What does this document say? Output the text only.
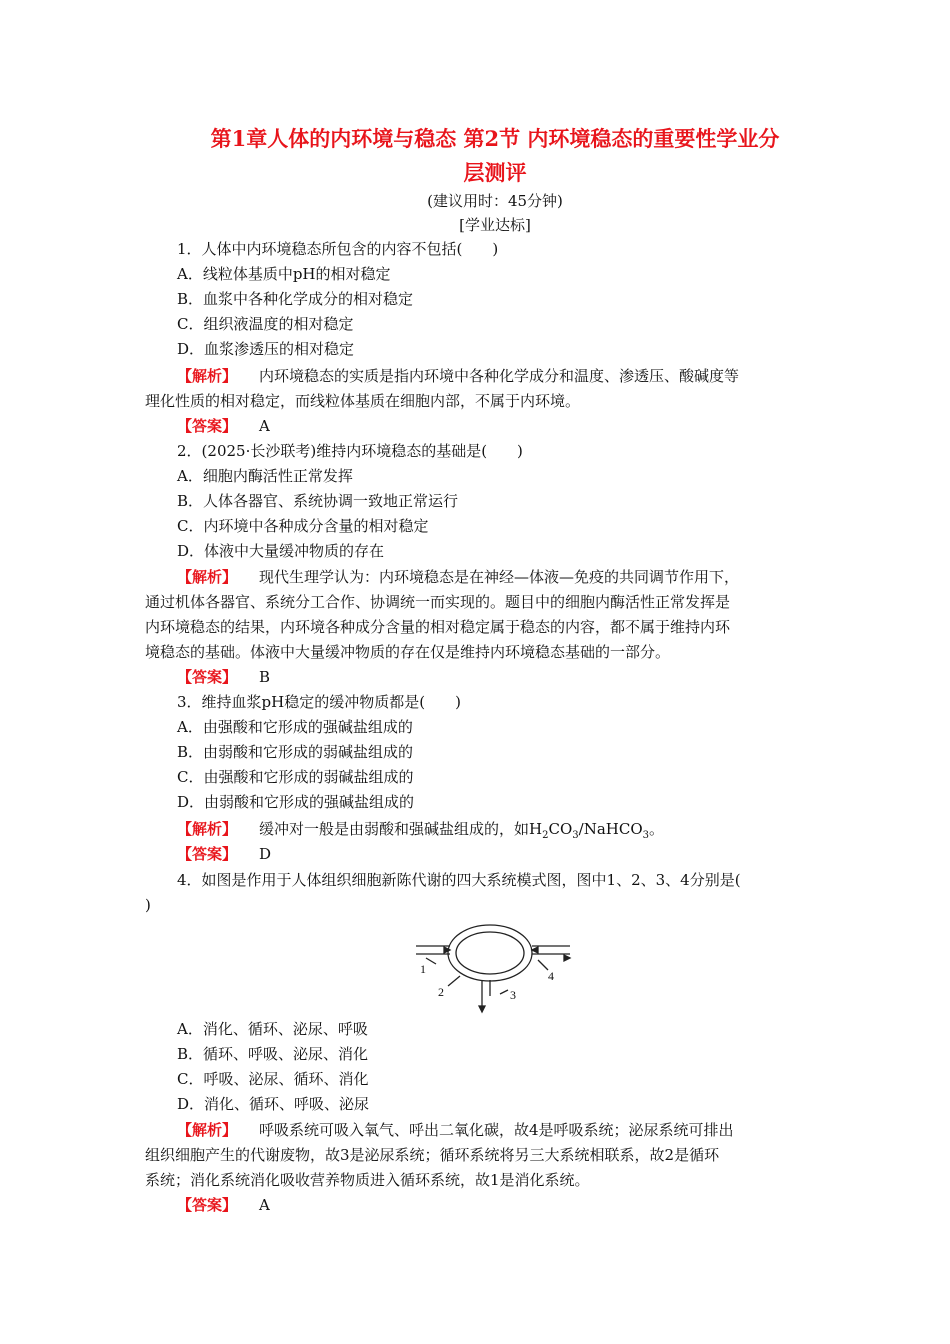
第1章人体的内环境与稳态 第2节 内环境稳态的重要性学业分
层测评
(建议用时：45分钟)
[学业达标]
1．人体中内环境稳态所包含的内容不包括(　　)
A．线粒体基质中pH的相对稳定
B．血浆中各种化学成分的相对稳定
C．组织液温度的相对稳定
D．血浆渗透压的相对稳定
【解析】 内环境稳态的实质是指内环境中各种化学成分和温度、渗透压、酸碱度等
理化性质的相对稳定，而线粒体基质在细胞内部，不属于内环境。
【答案】 A
2．(2025·长沙联考)维持内环境稳态的基础是(　　)
A．细胞内酶活性正常发挥
B．人体各器官、系统协调一致地正常运行
C．内环境中各种成分含量的相对稳定
D．体液中大量缓冲物质的存在
【解析】 现代生理学认为：内环境稳态是在神经—体液—免疫的共同调节作用下，
通过机体各器官、系统分工合作、协调统一而实现的。题目中的细胞内酶活性正常发挥是
内环境稳态的结果，内环境各种成分含量的相对稳定属于稳态的内容，都不属于维持内环
境稳态的基础。体液中大量缓冲物质的存在仅是维持内环境稳态基础的一部分。
【答案】 B
3．维持血浆pH稳定的缓冲物质都是(　　)
A．由强酸和它形成的强碱盐组成的
B．由弱酸和它形成的弱碱盐组成的
C．由强酸和它形成的弱碱盐组成的
D．由弱酸和它形成的强碱盐组成的
【解析】 缓冲对一般是由弱酸和强碱盐组成的，如$H_2CO_3/NaHCO_3$。
【答案】 D
4．如图是作用于人体组织细胞新陈代谢的四大系统模式图，图中1、2、3、4分别是(
)
1
2	3
4
A．消化、循环、泌尿、呼吸
B．循环、呼吸、泌尿、消化
C．呼吸、泌尿、循环、消化
D．消化、循环、呼吸、泌尿
【解析】 呼吸系统可吸入氧气、呼出二氧化碳，故4是呼吸系统；泌尿系统可排出
组织细胞产生的代谢废物，故3是泌尿系统；循环系统将另三大系统相联系，故2是循环
系统；消化系统消化吸收营养物质进入循环系统，故1是消化系统。
【答案】 A
